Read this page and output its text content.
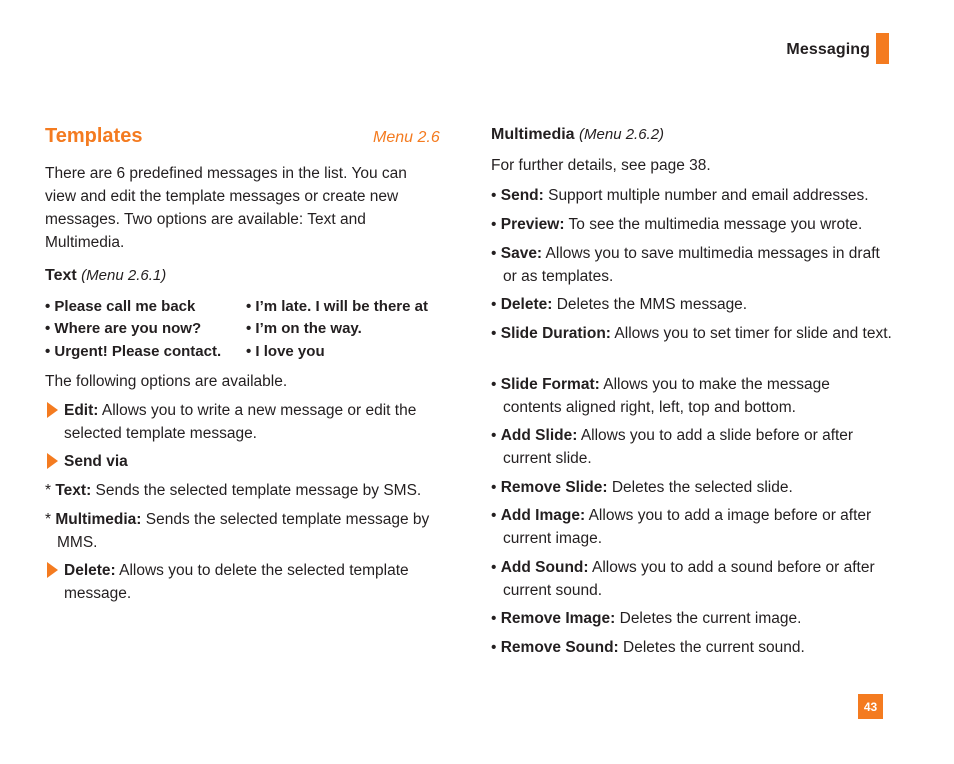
Messaging
Templates	Menu 2.6
There are 6 predefined messages in the list. You can view and edit the template messages or create new messages. Two options are available: Text and Multimedia.
Text (Menu 2.6.1)
• Please call me back
• Where are you now?
• Urgent! Please contact.
• I’m late. I will be there at
• I’m on the way.
• I love you
The following options are available.
Edit: Allows you to write a new message or edit the selected template message.
Send via
* Text: Sends the selected template message by SMS.
* Multimedia: Sends the selected template message by MMS.
Delete: Allows you to delete the selected template message.
Multimedia (Menu 2.6.2)
For further details, see page 38.
• Send: Support multiple number and email addresses.
• Preview: To see the multimedia message you wrote.
• Save: Allows you to save multimedia messages in draft or as templates.
• Delete: Deletes the MMS message.
• Slide Duration: Allows you to set timer for slide and text.
• Slide Format: Allows you to make the message contents aligned right, left, top and bottom.
• Add Slide: Allows you to add a slide before or after current slide.
• Remove Slide: Deletes the selected slide.
• Add Image: Allows you to add a image before or after current image.
• Add Sound: Allows you to add a sound before or after current sound.
• Remove Image: Deletes the current image.
• Remove Sound: Deletes the current sound.
43
